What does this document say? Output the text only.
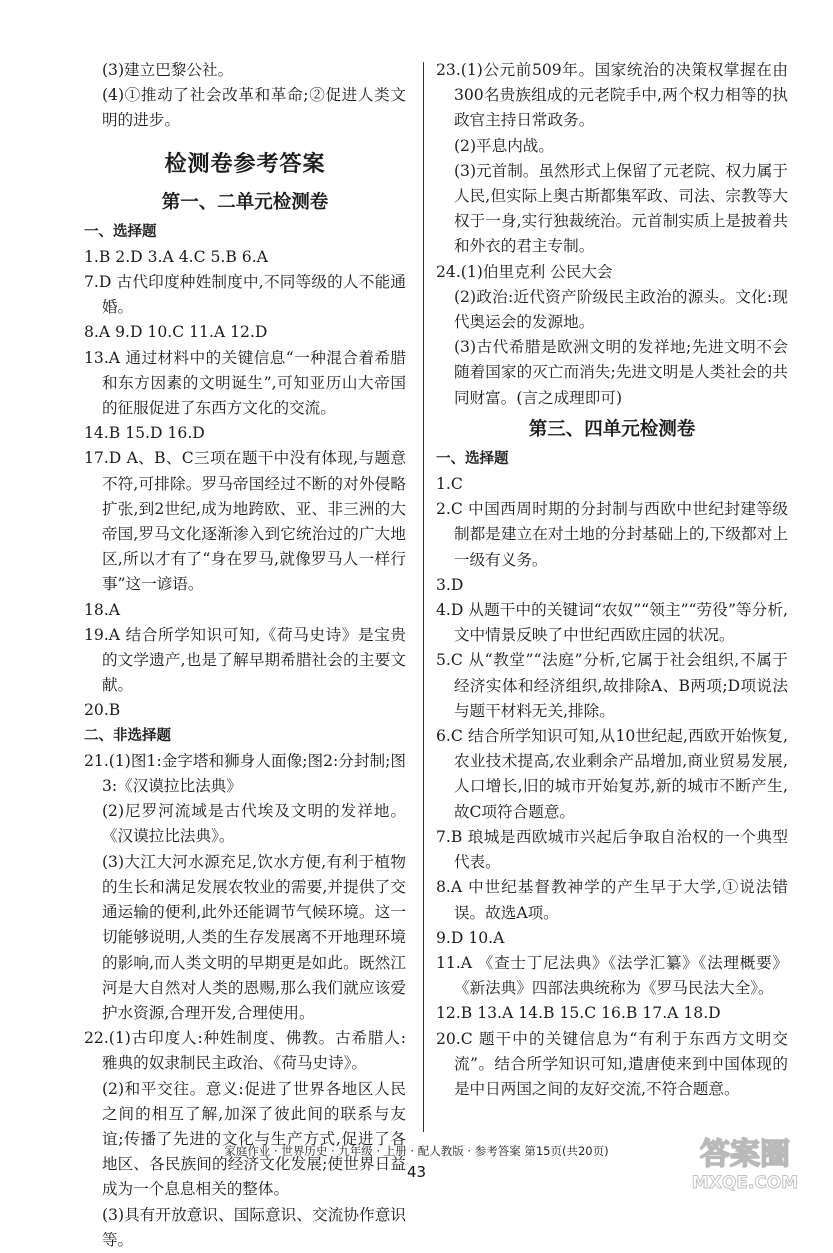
(3)建立巴黎公社。

(4)①推动了社会改革和革命;②促进人类文明的进步。

检测卷参考答案
第一、二单元检测卷

一、选择题

1.B 2.D 3.A 4.C 5.B 6.A

7.D 古代印度种姓制度中,不同等级的人不能通婚。

8.A 9.D 10.C 11.A 12.D

13.A 通过材料中的关键信息“一种混合着希腊和东方因素的文明诞生”,可知亚历山大帝国的征服促进了东西方文化的交流。

14.B 15.D 16.D

17.D A、B、C三项在题干中没有体现,与题意不符,可排除。罗马帝国经过不断的对外侵略扩张,到2世纪,成为地跨欧、亚、非三洲的大帝国,罗马文化逐渐渗入到它统治过的广大地区,所以才有了“身在罗马,就像罗马人一样行事”这一谚语。

18.A

19.A 结合所学知识可知,《荷马史诗》是宝贵的文学遗产,也是了解早期希腊社会的主要文献。

20.B

二、非选择题

21.(1)图1:金字塔和狮身人面像;图2:分封制;图3:《汉谟拉比法典》

(2)尼罗河流域是古代埃及文明的发祥地。《汉谟拉比法典》。

(3)大江大河水源充足,饮水方便,有利于植物的生长和满足发展农牧业的需要,并提供了交通运输的便利,此外还能调节气候环境。这一切能够说明,人类的生存发展离不开地理环境的影响,而人类文明的早期更是如此。既然江河是大自然对人类的恩赐,那么我们就应该爱护水资源,合理开发,合理使用。

22.(1)古印度人:种姓制度、佛教。古希腊人:雅典的奴隶制民主政治、《荷马史诗》。

(2)和平交往。意义:促进了世界各地区人民之间的相互了解,加深了彼此间的联系与友谊;传播了先进的文化与生产方式,促进了各地区、各民族间的经济文化发展;使世界日益成为一个息息相关的整体。

(3)具有开放意识、国际意识、交流协作意识等。

23.(1)公元前509年。国家统治的决策权掌握在由300名贵族组成的元老院手中,两个权力相等的执政官主持日常政务。

(2)平息内战。

(3)元首制。虽然形式上保留了元老院、权力属于人民,但实际上奥古斯都集军政、司法、宗教等大权于一身,实行独裁统治。元首制实质上是披着共和外衣的君主专制。

24.(1)伯里克利 公民大会

(2)政治:近代资产阶级民主政治的源头。文化:现代奥运会的发源地。

(3)古代希腊是欧洲文明的发祥地;先进文明不会随着国家的灭亡而消失;先进文明是人类社会的共同财富。(言之成理即可)

第三、四单元检测卷

一、选择题

1.C

2.C 中国西周时期的分封制与西欧中世纪封建等级制都是建立在对土地的分封基础上的,下级都对上一级有义务。

3.D

4.D 从题干中的关键词“农奴”“领主”“劳役”等分析,文中情景反映了中世纪西欧庄园的状况。

5.C 从“教堂”“法庭”分析,它属于社会组织,不属于经济实体和经济组织,故排除A、B两项;D项说法与题干材料无关,排除。

6.C 结合所学知识可知,从10世纪起,西欧开始恢复,农业技术提高,农业剩余产品增加,商业贸易发展,人口增长,旧的城市开始复苏,新的城市不断产生,故C项符合题意。

7.B 琅城是西欧城市兴起后争取自治权的一个典型代表。

8.A 中世纪基督教神学的产生早于大学,①说法错误。故选A项。

9.D 10.A

11.A 《查士丁尼法典》《法学汇纂》《法理概要》《新法典》四部法典统称为《罗马民法大全》。

12.B 13.A 14.B 15.C 16.B 17.A 18.D

20.C 题干中的关键信息为“有利于东西方文明交流”。结合所学知识可知,遣唐使来到中国体现的是中日两国之间的友好交流,不符合题意。

家庭作业 · 世界历史 · 九年级 · 上册 · 配人教版 · 参考答案 第15页(共20页)
43	答案圈
MXQE.COM
